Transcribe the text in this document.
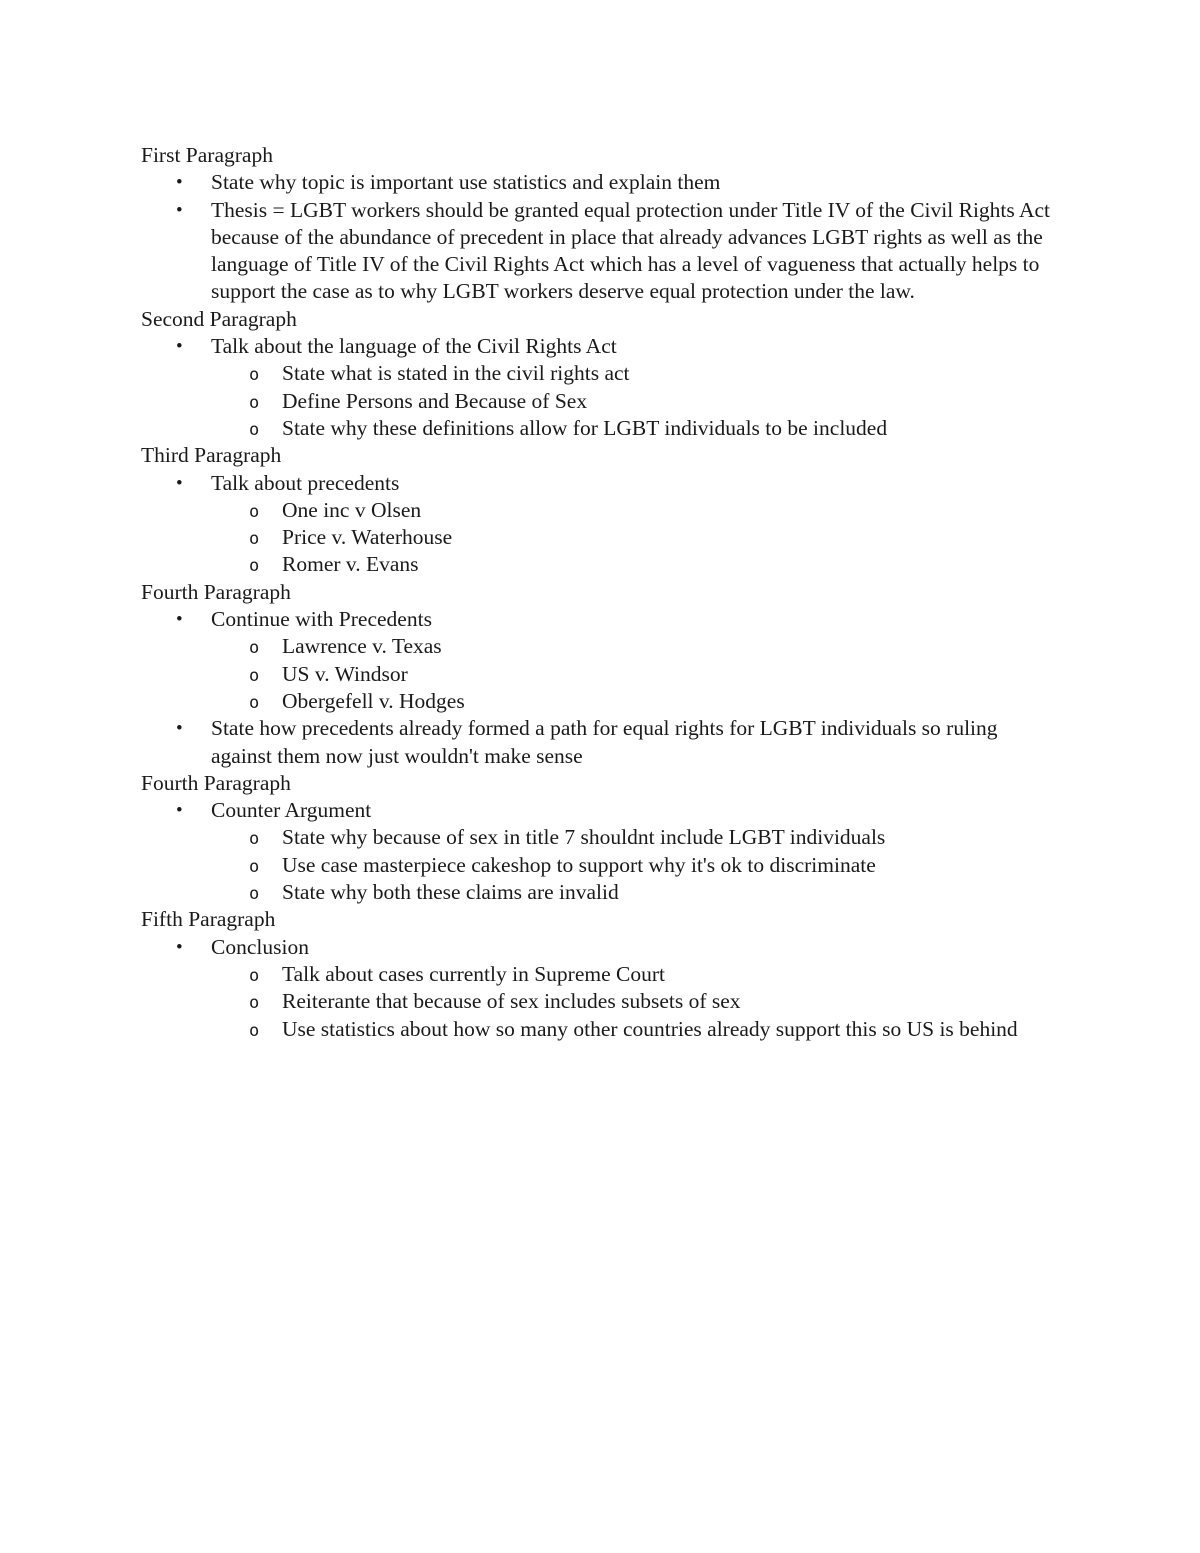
First Paragraph
• State why topic is important use statistics and explain them
• Thesis = LGBT workers should be granted equal protection under Title IV of the Civil Rights Act because of the abundance of precedent in place that already advances LGBT rights as well as the language of Title IV of the Civil Rights Act which has a level of vagueness that actually helps to support the case as to why LGBT workers deserve equal protection under the law.
Second Paragraph
• Talk about the language of the Civil Rights Act
o State what is stated in the civil rights act
o Define Persons and Because of Sex
o State why these definitions allow for LGBT individuals to be included
Third Paragraph
• Talk about precedents
o One inc v Olsen
o Price v. Waterhouse
o Romer v. Evans
Fourth Paragraph
• Continue with Precedents
o Lawrence v. Texas
o US v. Windsor
o Obergefell v. Hodges
• State how precedents already formed a path for equal rights for LGBT individuals so ruling against them now just wouldn't make sense
Fourth Paragraph
• Counter Argument
o State why because of sex in title 7 shouldnt include LGBT individuals
o Use case masterpiece cakeshop to support why it's ok to discriminate
o State why both these claims are invalid
Fifth Paragraph
• Conclusion
o Talk about cases currently in Supreme Court
o Reiterante that because of sex includes subsets of sex
o Use statistics about how so many other countries already support this so US is behind
